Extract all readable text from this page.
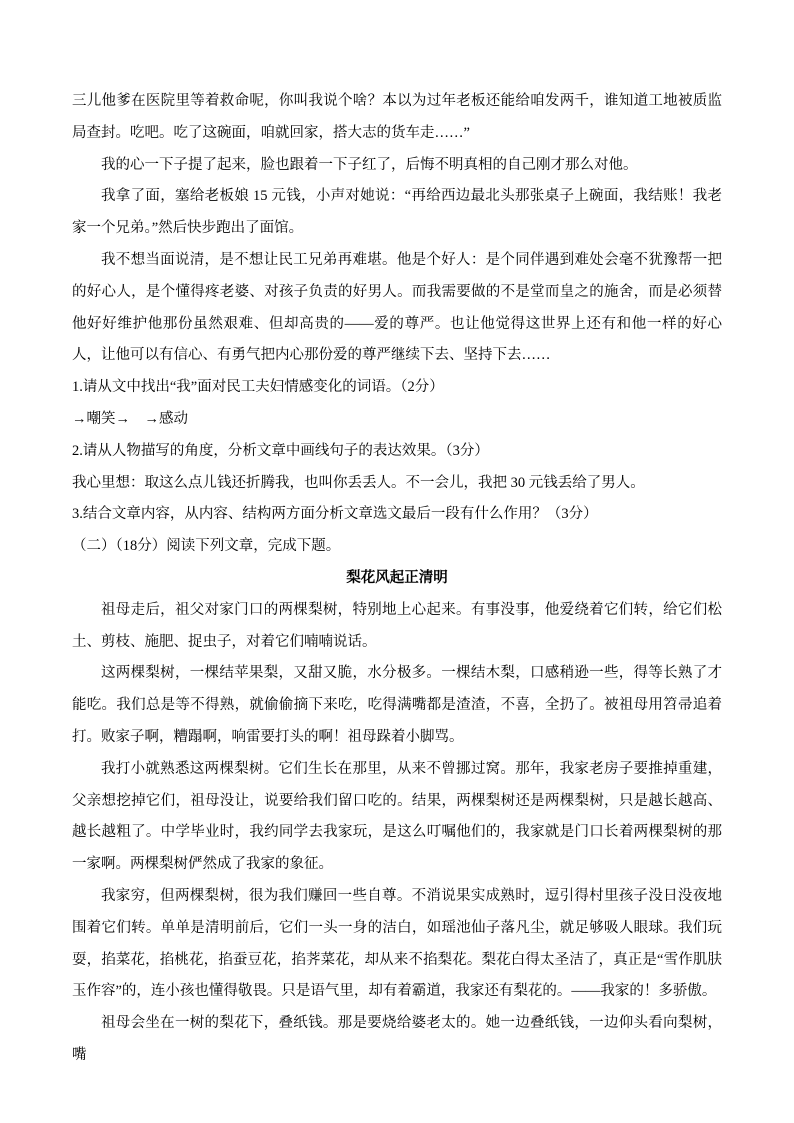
三儿他爹在医院里等着救命呢，你叫我说个啥？本以为过年老板还能给咱发两千，谁知道工地被质监局查封。吃吧。吃了这碗面，咱就回家，搭大志的货车走……”

我的心一下子提了起来，脸也跟着一下子红了，后悔不明真相的自己刚才那么对他。

我拿了面，塞给老板娘 15 元钱，小声对她说：“再给西边最北头那张桌子上碗面，我结账！我老家一个兄弟。”然后快步跑出了面馆。

我不想当面说清，是不想让民工兄弟再难堪。他是个好人：是个同伴遇到难处会毫不犹豫帮一把的好心人，是个懂得疼老婆、对孩子负责的好男人。而我需要做的不是堂而皇之的施舍，而是必须替他好好维护他那份虽然艰难、但却高贵的——爱的尊严。也让他觉得这世界上还有和他一样的好心人，让他可以有信心、有勇气把内心那份爱的尊严继续下去、坚持下去……

1.请从文中找出“我”面对民工夫妇情感变化的词语。（2分）

→嘲笑→　→感动

2.请从人物描写的角度，分析文章中画线句子的表达效果。（3分）

我心里想：取这么点儿钱还折腾我，也叫你丢丢人。不一会儿，我把 30 元钱丢给了男人。

3.结合文章内容，从内容、结构两方面分析文章选文最后一段有什么作用？（3分）

（二）（18分）阅读下列文章，完成下题。

梨花风起正清明

祖母走后，祖父对家门口的两棵梨树，特别地上心起来。有事没事，他爱绕着它们转，给它们松土、剪枝、施肥、捉虫子，对着它们喃喃说话。

这两棵梨树，一棵结苹果梨，又甜又脆，水分极多。一棵结木梨，口感稍逊一些，得等长熟了才能吃。我们总是等不得熟，就偷偷摘下来吃，吃得满嘴都是渣渣，不喜，全扔了。被祖母用笤帚追着打。败家子啊，糟蹋啊，响雷要打头的啊！祖母跺着小脚骂。

我打小就熟悉这两棵梨树。它们生长在那里，从来不曾挪过窝。那年，我家老房子要推掉重建，父亲想挖掉它们，祖母没让，说要给我们留口吃的。结果，两棵梨树还是两棵梨树，只是越长越高、越长越粗了。中学毕业时，我约同学去我家玩，是这么叮嘱他们的，我家就是门口长着两棵梨树的那一家啊。两棵梨树俨然成了我家的象征。

我家穷，但两棵梨树，很为我们赚回一些自尊。不消说果实成熟时，逗引得村里孩子没日没夜地围着它们转。单单是清明前后，它们一头一身的洁白，如瑶池仙子落凡尘，就足够吸人眼球。我们玩耍，掐菜花，掐桃花，掐蚕豆花，掐荠菜花，却从来不掐梨花。梨花白得太圣洁了，真正是“雪作肌肤玉作容”的，连小孩也懂得敬畏。只是语气里，却有着霸道，我家还有梨花的。——我家的！多骄傲。

祖母会坐在一树的梨花下，叠纸钱。那是要烧给婆老太的。她一边叠纸钱，一边仰头看向梨树，嘴
